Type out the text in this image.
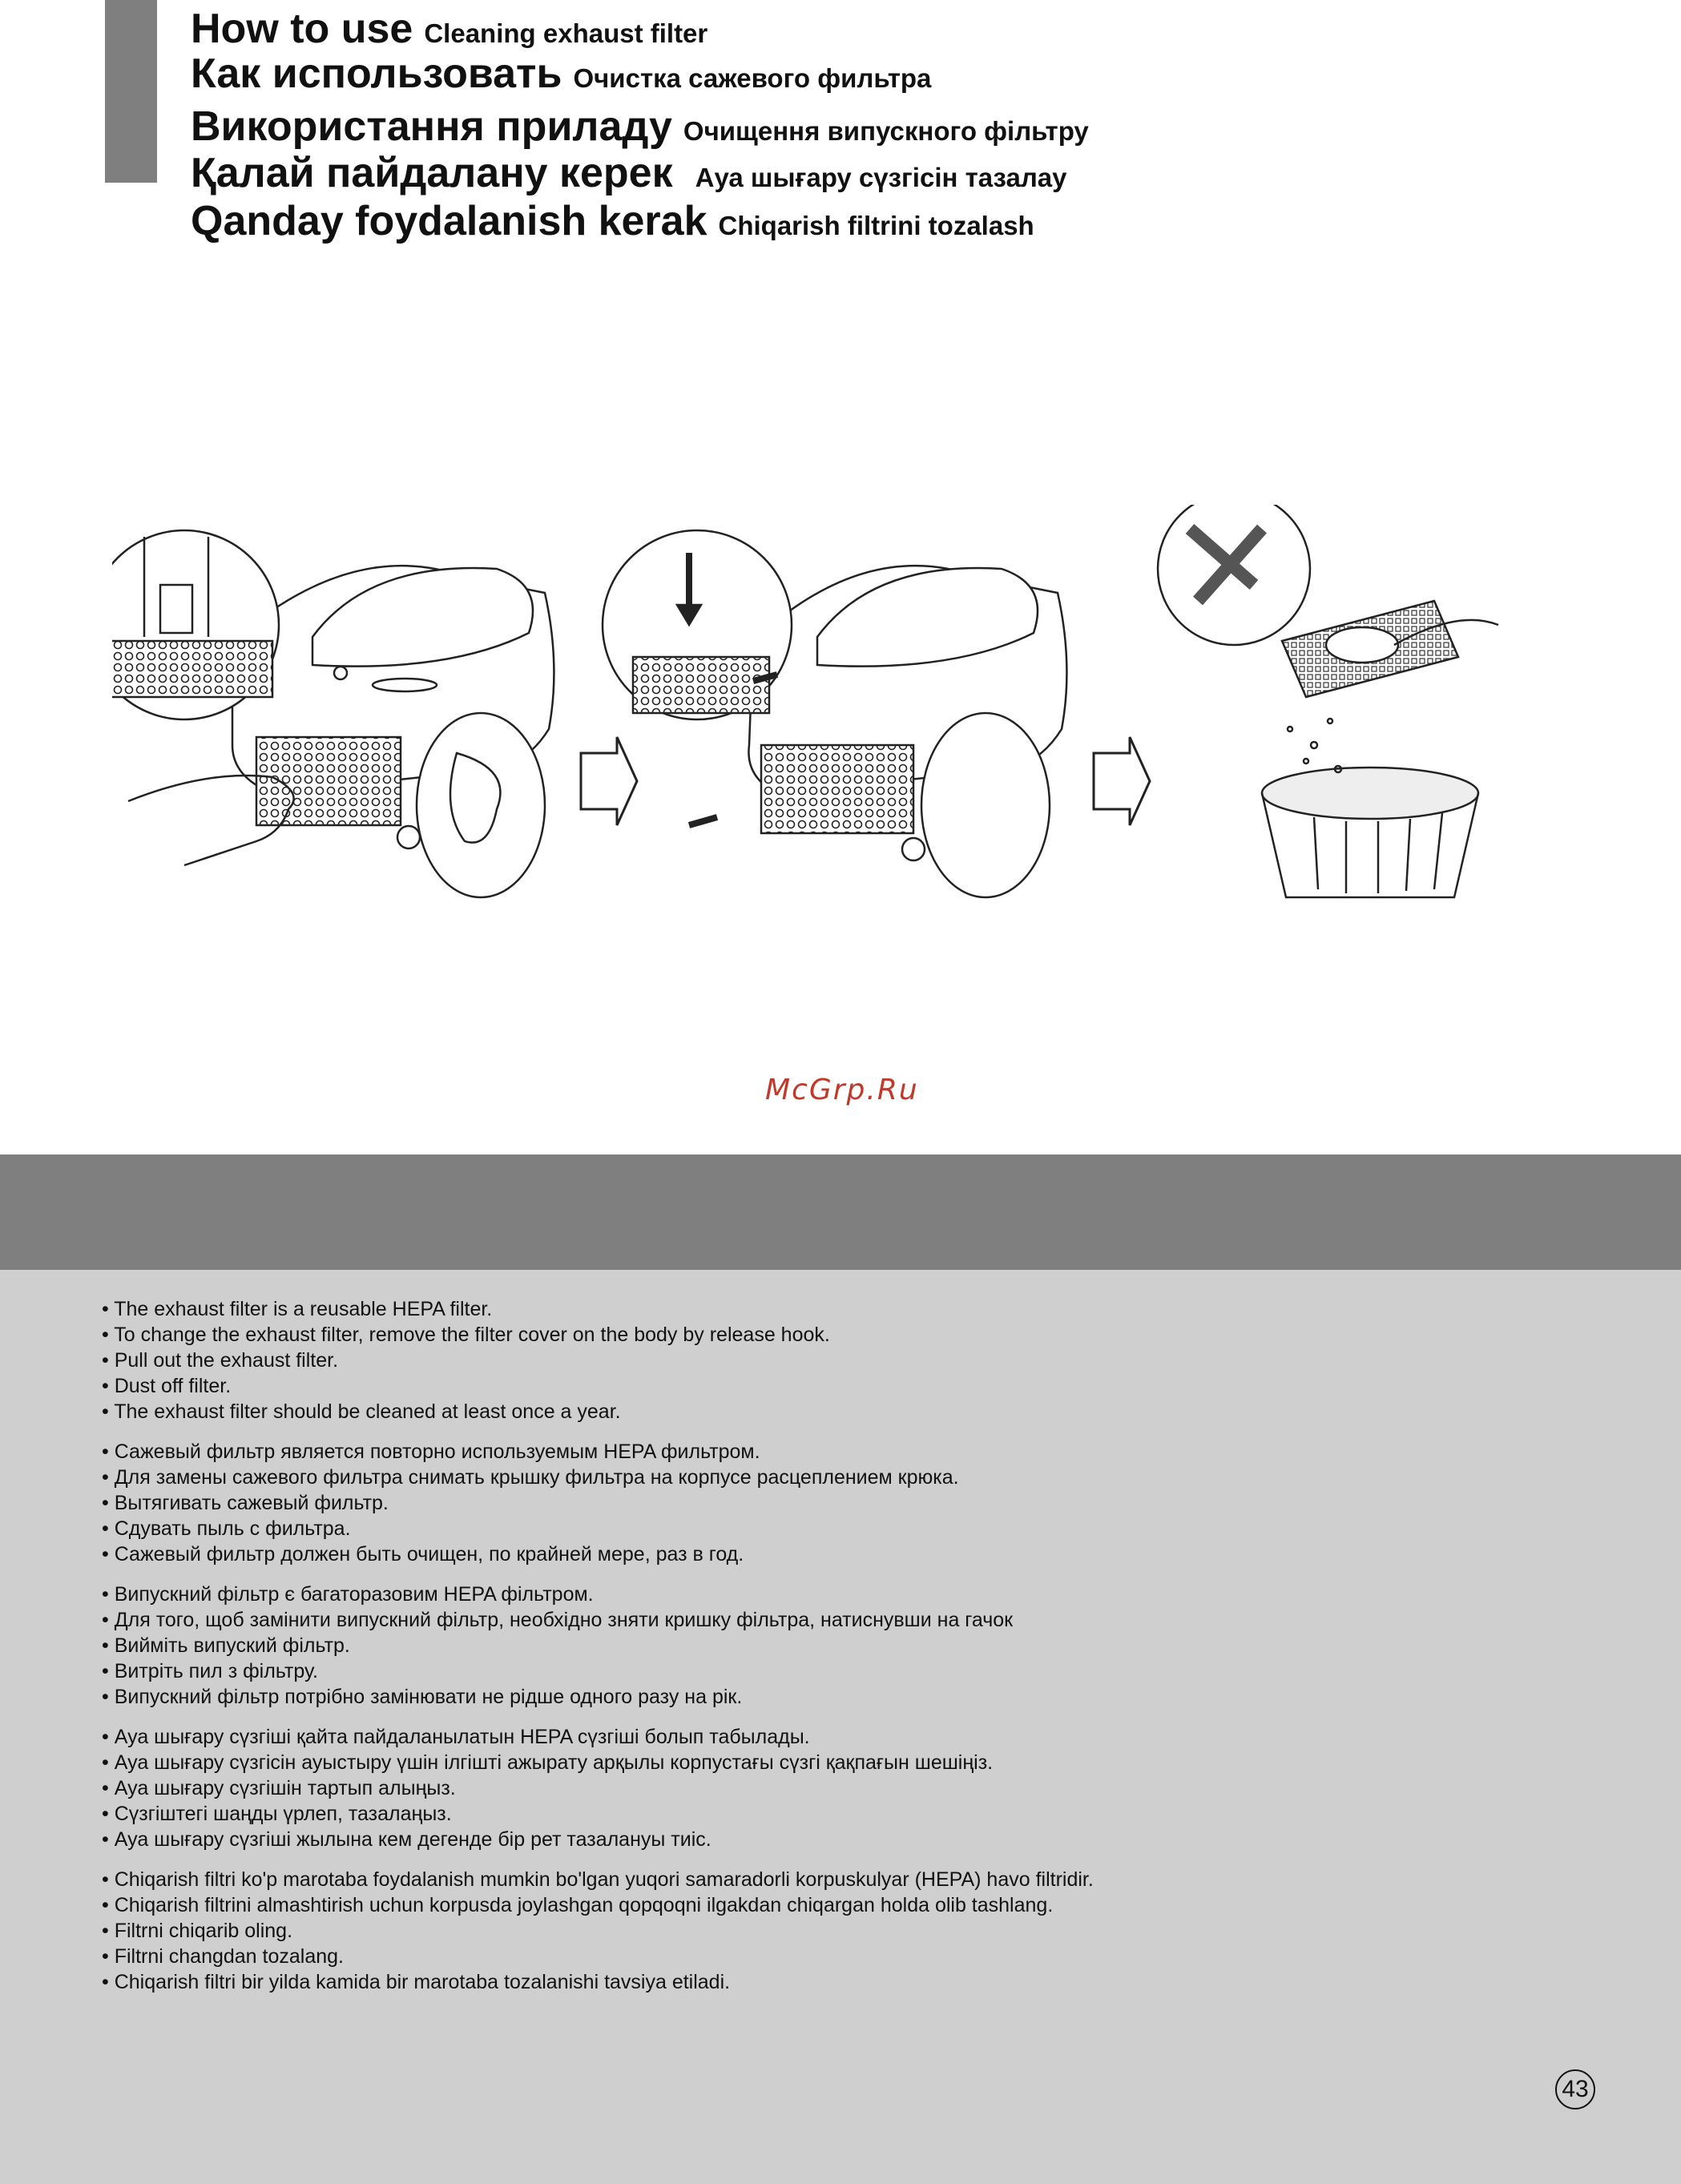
How to use Cleaning exhaust filter
Как использовать Очистка сажевого фильтра
Використання приладу Очищення випускного фільтру
Қалай пайдалану керек Ауа шығару сүзгісін тазалау
Qanday foydalanish kerak Chiqarish filtrini tozalash
McGrp.Ru
• The exhaust filter is a reusable HEPA filter.
• To change the exhaust filter, remove the filter cover on the body by release hook.
• Pull out the exhaust filter.
• Dust off filter.
• The exhaust filter should be cleaned at least once a year.
• Сажевый фильтр является повторно используемым HEPA фильтром.
• Для замены сажевого фильтра снимать крышку фильтра на корпусе расцеплением крюка.
• Вытягивать сажевый фильтр.
• Сдувать пыль с фильтра.
• Сажевый фильтр должен быть очищен, по крайней мере, раз в год.
• Випускний фільтр є багаторазовим HEPA фільтром.
• Для того, щоб замінити випускний фільтр, необхідно зняти кришку фільтра, натиснувши на гачок
• Вийміть випуский фільтр.
• Витріть пил з фільтру.
• Випускний фільтр потрібно замінювати не рідше одного разу на рік.
• Ауа шығару сүзгіші қайта пайдаланылатын HEPA сүзгіші болып табылады.
• Ауа шығару сүзгісін ауыстыру үшін ілгішті ажырату арқылы корпустағы сүзгі қақпағын шешіңіз.
• Ауа шығару сүзгішін тартып алыңыз.
• Сүзгіштегі шаңды үрлеп, тазалаңыз.
• Ауа шығару сүзгіші жылына кем дегенде бір рет тазалануы тиіс.
• Chiqarish filtri ko'p marotaba foydalanish mumkin bo'lgan yuqori samaradorli korpuskulyar (HEPA) havo filtridir.
• Chiqarish filtrini almashtirish uchun korpusda joylashgan qopqoqni ilgakdan chiqargan holda olib tashlang.
• Filtrni chiqarib oling.
• Filtrni changdan tozalang.
• Chiqarish filtri bir yilda kamida bir marotaba tozalanishi tavsiya etiladi.
43
